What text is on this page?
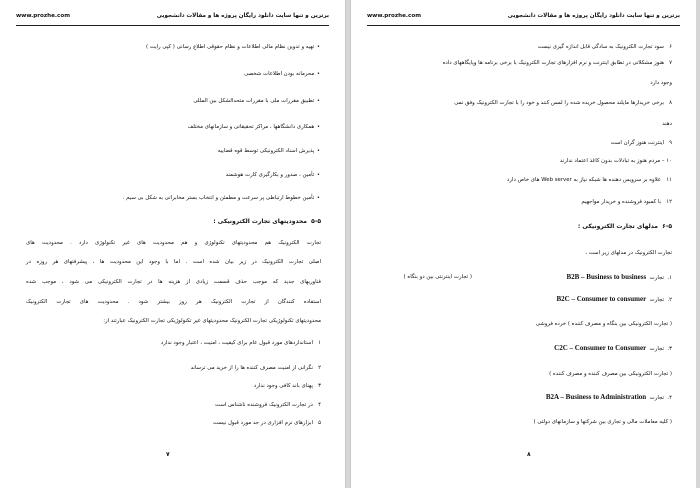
www.prozhe.com	برترین و تنها سایت دانلود رایگان پروژه ها و مقالات دانشجویی
• تهیه و تدوین نظام مالی اطلاعات و نظام حقوقی اطلاع رسانی ( کپی رایت )
• محرمانه بودن اطلاعات شخصی
• تطبیق مقررات ملی با مقررات متحدالشکل بین المللی
• همکاری دانشگاهها ، مراکز تحقیقاتی و سازمانهای مختلف
• پذیرش اسناد الکترونیکی توسط قوه قضاییه
• تأمین ، صدور و بکارگیری کارت هوشمند
• تأمین خطوط ارتباطی پر سرعت و مطمئن و انتخاب بستر مخابراتی به شکل بی سیم .
۵-۵  محدودیتهای تجارت الکترونیکی :
تجارت الکترونیک هم محدودیتهای تکنولوژی و هم محدودیت های غیر تکنولوژی دارد . محدودیت های
اصلی تجارت الکترونیک در زیر بیان شده است . اما با وجود این محدودیت ها ، پیشرفتهای هر روزه در
فناوریهای جدید که موجب حذف قسمت زیادی از هزینه ها در تجارت الکترونیکی می شود ، موجب شده
استفاده کنندگان از تجارت الکترونیک هر روز بیشتر شود . محدودیت های تجارت الکترونیک
محدودیتهای تکنولوژیکی تجارت الکترونیک محدودیتهای غیر تکنولوژیکی تجارت الکترونیک عبارتند از:
۱   استانداردهای مورد قبول عام برای کیفیت ، امنیت ، اعتبار وجود ندارد
۲   نگرانی از امنیت مصرف کننده ها را از خرید می ترساند
۳   پهنای باند کافی وجود ندارد
۴   در تجارت الکترونیک فروشنده ناشناس است
۵   ابزارهای نرم افزاری در حد مورد قبول نیست
۷
www.prozhe.com	برترین و تنها سایت دانلود رایگان پروژه ها و مقالات دانشجویی
۶   سود تجارت الکترونیک به سادگی قابل اندازه گیری نیست
۷   هنوز مشکلاتی در تطابق اینترنت و نرم افزارهای تجارت الکترونیک با برخی برنامه ها وپایگاههای داده
وجود دارد
۸   برخی خریدارها مایلند محصول خریده شده را لمس کنند و خود را با تجارت الکترونیک وفق نمی
دهند
۹   اینترنت هنوز گران است
۱۰ – مردم هنوز به تبادلات بدون کاغذ اعتماد ندارند
۱۱   علاوه بر سرویس دهنده ها شبکه نیاز به Web server های خاص دارد
۱۲   با کمبود فروشنده و خریدار مواجهیم
۶-۵  مدلهای تجارت الکترونیکی :
تجارت الکترونیک در مدلهای زیر است ،
۱.  تجارت  B2B – Business to business
( تجارت اینترنتی بین دو بنگاه )
۲.  تجارت  B2C – Consumer to consumer
( تجارت الکترونیکی بین بنگاه و مصرف کننده ) خرده فروشی
۳.  تجارت  C2C – Consumer to Consumer
( تجارت الکترونیکی بین مصرف کننده و مصرف کننده )
۴.  تجارت  B2A – Business to Administration
( کلیه معاملات مالی و تجاری بین شرکتها و سازمانهای دولتی )
۸
